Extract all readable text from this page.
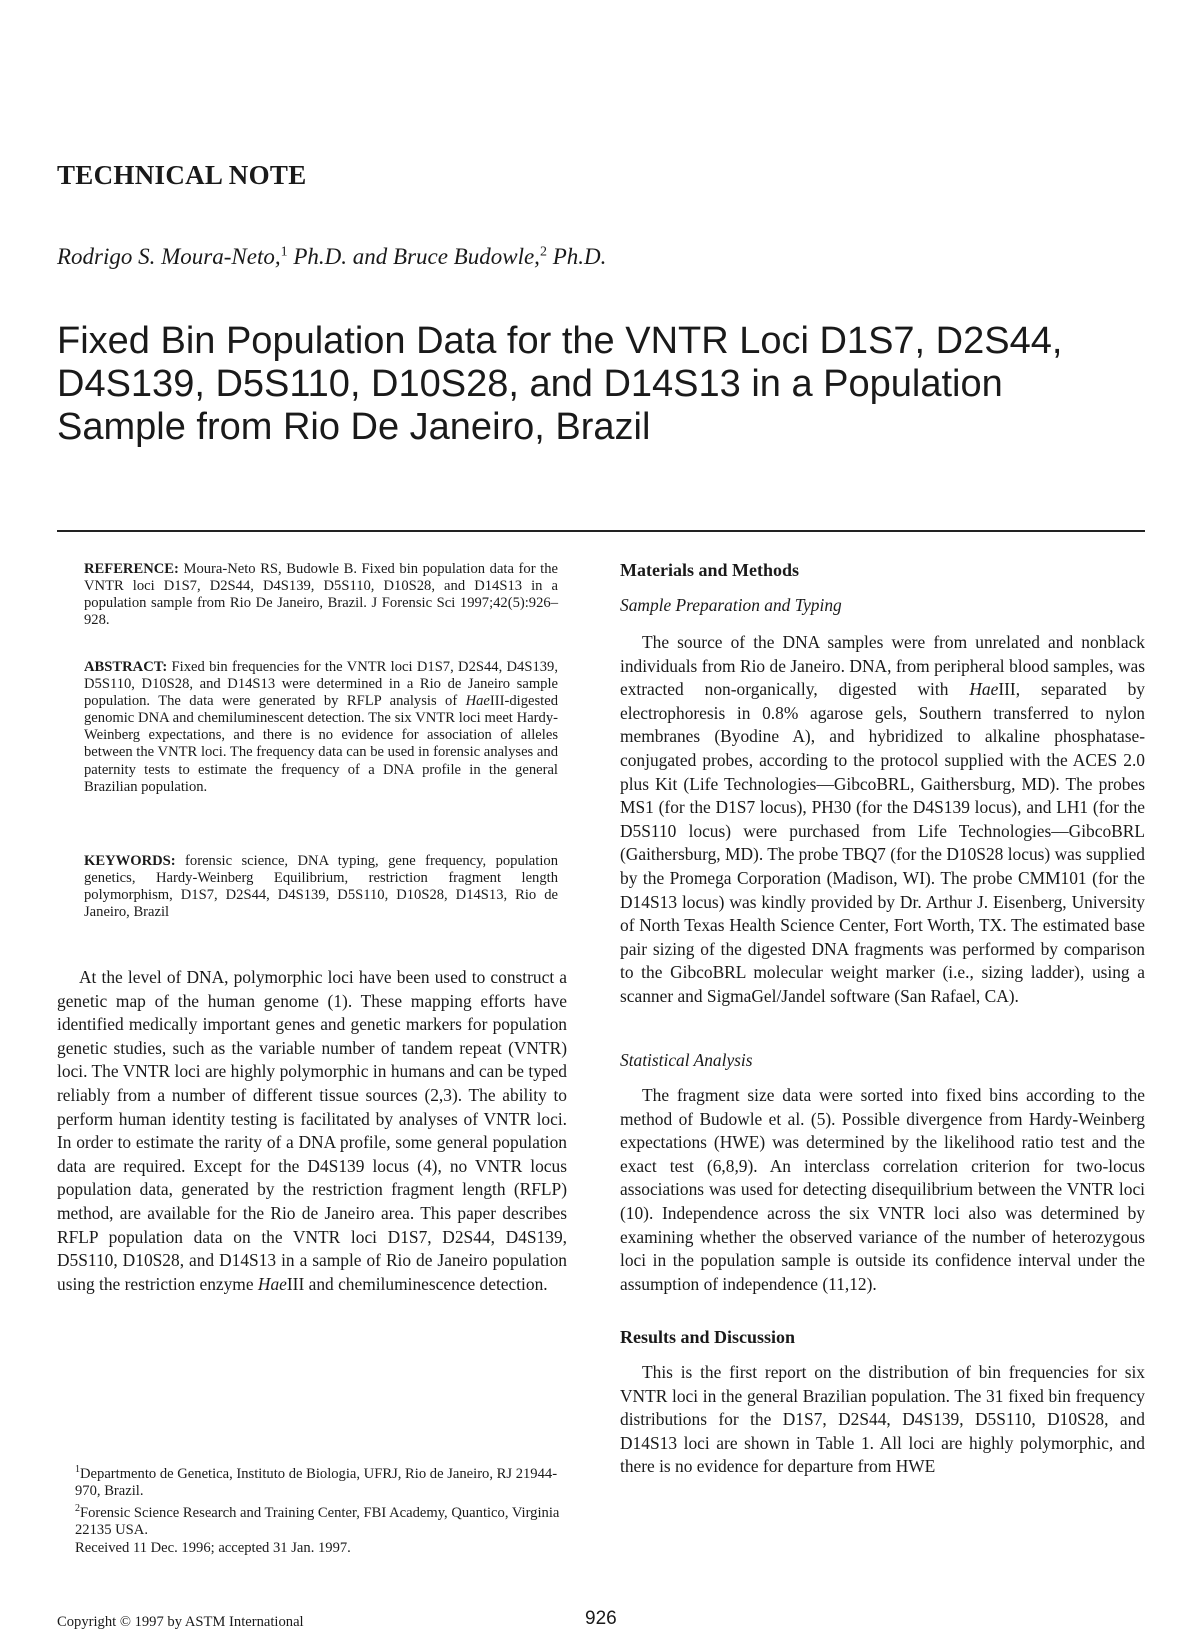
TECHNICAL NOTE
Rodrigo S. Moura-Neto,$^1$ Ph.D. and Bruce Budowle,$^2$ Ph.D.
Fixed Bin Population Data for the VNTR Loci D1S7, D2S44,
D4S139, D5S110, D10S28, and D14S13 in a Population
Sample from Rio De Janeiro, Brazil
REFERENCE: Moura-Neto RS, Budowle B. Fixed bin population data for the VNTR loci D1S7, D2S44, D4S139, D5S110, D10S28, and D14S13 in a population sample from Rio De Janeiro, Brazil. J Forensic Sci 1997;42(5):926–928.
ABSTRACT: Fixed bin frequencies for the VNTR loci D1S7, D2S44, D4S139, D5S110, D10S28, and D14S13 were determined in a Rio de Janeiro sample population. The data were generated by RFLP analysis of HaeIII-digested genomic DNA and chemiluminescent detection. The six VNTR loci meet Hardy-Weinberg expectations, and there is no evidence for association of alleles between the VNTR loci. The frequency data can be used in forensic analyses and paternity tests to estimate the frequency of a DNA profile in the general Brazilian population.
KEYWORDS: forensic science, DNA typing, gene frequency, population genetics, Hardy-Weinberg Equilibrium, restriction fragment length polymorphism, D1S7, D2S44, D4S139, D5S110, D10S28, D14S13, Rio de Janeiro, Brazil

At the level of DNA, polymorphic loci have been used to construct a genetic map of the human genome (1). These mapping efforts have identified medically important genes and genetic markers for population genetic studies, such as the variable number of tandem repeat (VNTR) loci. The VNTR loci are highly polymorphic in humans and can be typed reliably from a number of different tissue sources (2,3). The ability to perform human identity testing is facilitated by analyses of VNTR loci. In order to estimate the rarity of a DNA profile, some general population data are required. Except for the D4S139 locus (4), no VNTR locus population data, generated by the restriction fragment length (RFLP) method, are available for the Rio de Janeiro area. This paper describes RFLP population data on the VNTR loci D1S7, D2S44, D4S139, D5S110, D10S28, and D14S13 in a sample of Rio de Janeiro population using the restriction enzyme HaeIII and chemiluminescence detection.

$^1$Departmento de Genetica, Instituto de Biologia, UFRJ, Rio de Janeiro, RJ 21944-970, Brazil.

$^2$Forensic Science Research and Training Center, FBI Academy, Quantico, Virginia 22135 USA.

Received 11 Dec. 1996; accepted 31 Jan. 1997.

Materials and Methods
Sample Preparation and Typing

The source of the DNA samples were from unrelated and nonblack individuals from Rio de Janeiro. DNA, from peripheral blood samples, was extracted non-organically, digested with HaeIII, separated by electrophoresis in 0.8% agarose gels, Southern transferred to nylon membranes (Byodine A), and hybridized to alkaline phosphatase-conjugated probes, according to the protocol supplied with the ACES 2.0 plus Kit (Life Technologies—GibcoBRL, Gaithersburg, MD). The probes MS1 (for the D1S7 locus), PH30 (for the D4S139 locus), and LH1 (for the D5S110 locus) were purchased from Life Technologies—GibcoBRL (Gaithersburg, MD). The probe TBQ7 (for the D10S28 locus) was supplied by the Promega Corporation (Madison, WI). The probe CMM101 (for the D14S13 locus) was kindly provided by Dr. Arthur J. Eisenberg, University of North Texas Health Science Center, Fort Worth, TX. The estimated base pair sizing of the digested DNA fragments was performed by comparison to the GibcoBRL molecular weight marker (i.e., sizing ladder), using a scanner and SigmaGel/Jandel software (San Rafael, CA).

Statistical Analysis

The fragment size data were sorted into fixed bins according to the method of Budowle et al. (5). Possible divergence from Hardy-Weinberg expectations (HWE) was determined by the likelihood ratio test and the exact test (6,8,9). An interclass correlation criterion for two-locus associations was used for detecting disequilibrium between the VNTR loci (10). Independence across the six VNTR loci also was determined by examining whether the observed variance of the number of heterozygous loci in the population sample is outside its confidence interval under the assumption of independence (11,12).

Results and Discussion

This is the first report on the distribution of bin frequencies for six VNTR loci in the general Brazilian population. The 31 fixed bin frequency distributions for the D1S7, D2S44, D4S139, D5S110, D10S28, and D14S13 loci are shown in Table 1. All loci are highly polymorphic, and there is no evidence for departure from HWE

Copyright © 1997 by ASTM International	926
